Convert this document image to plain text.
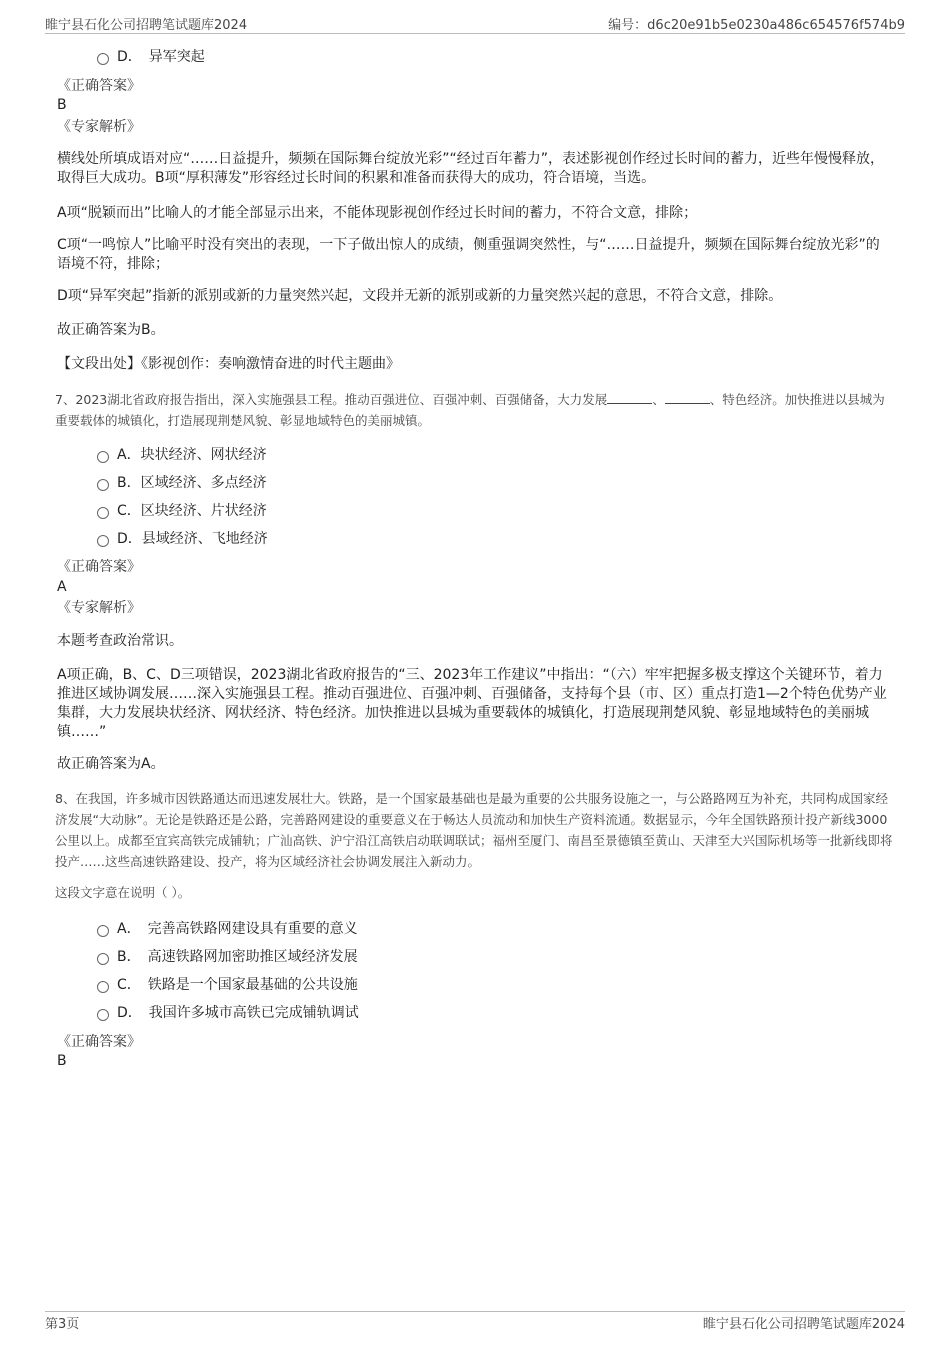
睢宁县石化公司招聘笔试题库2024	编号：d6c20e91b5e0230a486c654576f574b9
D．　异军突起
《正确答案》
B
《专家解析》
横线处所填成语对应“……日益提升，频频在国际舞台绽放光彩”“经过百年蓄力”，表述影视创作经过长时间的蓄力，近些年慢慢释放，取得巨大成功。B项“厚积薄发”形容经过长时间的积累和准备而获得大的成功，符合语境，当选。
A项“脱颖而出”比喻人的才能全部显示出来，不能体现影视创作经过长时间的蓄力，不符合文意，排除；
C项“一鸣惊人”比喻平时没有突出的表现，一下子做出惊人的成绩，侧重强调突然性，与“……日益提升，频频在国际舞台绽放光彩”的语境不符，排除；
D项“异军突起”指新的派别或新的力量突然兴起，文段并无新的派别或新的力量突然兴起的意思，不符合文意，排除。
故正确答案为B。
【文段出处】《影视创作：奏响激情奋进的时代主题曲》
7、2023湖北省政府报告指出，深入实施强县工程。推动百强进位、百强冲刺、百强储备，大力发展	、	、特色经济。加快推进以县城为重要载体的城镇化，打造展现荆楚风貌、彰显地域特色的美丽城镇。
A．块状经济、网状经济
B．区域经济、多点经济
C．区块经济、片状经济
D．县域经济、飞地经济
《正确答案》
A
《专家解析》
本题考查政治常识。
A项正确，B、C、D三项错误，2023湖北省政府报告的“三、2023年工作建议”中指出：“（六）牢牢把握多极支撑这个关键环节，着力推进区域协调发展……深入实施强县工程。推动百强进位、百强冲刺、百强储备，支持每个县（市、区）重点打造1—2个特色优势产业集群，大力发展块状经济、网状经济、特色经济。加快推进以县城为重要载体的城镇化，打造展现荆楚风貌、彰显地域特色的美丽城镇……”
故正确答案为A。
8、在我国，许多城市因铁路通达而迅速发展壮大。铁路，是一个国家最基础也是最为重要的公共服务设施之一，与公路路网互为补充，共同构成国家经济发展“大动脉”。无论是铁路还是公路，完善路网建设的重要意义在于畅达人员流动和加快生产资料流通。数据显示，今年全国铁路预计投产新线3000公里以上。成都至宜宾高铁完成铺轨；广汕高铁、沪宁沿江高铁启动联调联试；福州至厦门、南昌至景德镇至黄山、天津至大兴国际机场等一批新线即将投产……这些高速铁路建设、投产，将为区域经济社会协调发展注入新动力。
这段文字意在说明（ ）。
A．　完善高铁路网建设具有重要的意义
B．　高速铁路网加密助推区域经济发展
C．　铁路是一个国家最基础的公共设施
D．　我国许多城市高铁已完成铺轨调试
《正确答案》
B
第3页	睢宁县石化公司招聘笔试题库2024
